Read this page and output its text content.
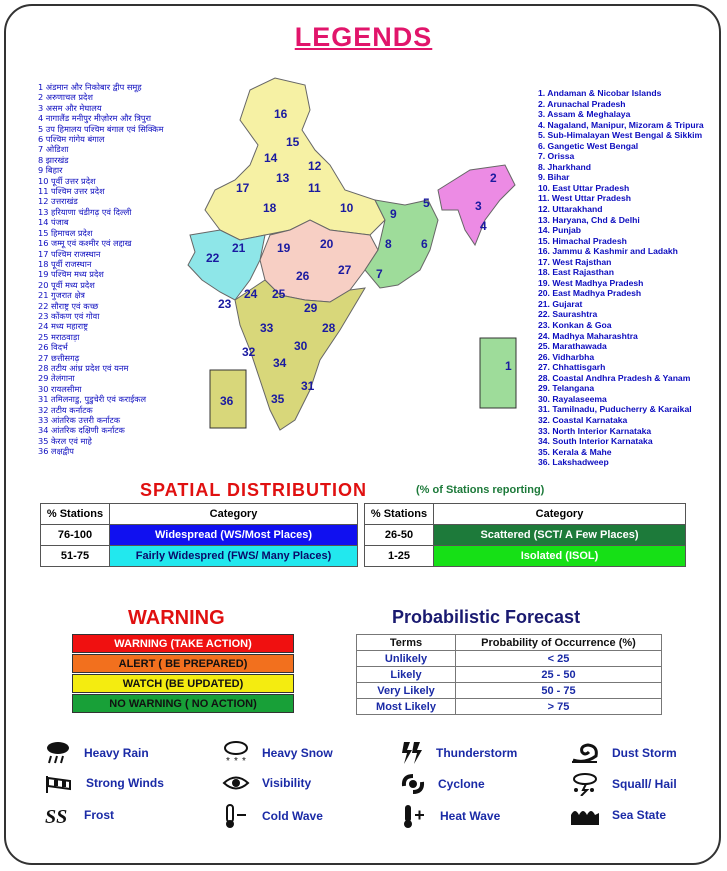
LEGENDS
1 अंडमान और निकोबार द्वीप समूह
2 अरुणाचल प्रदेश
3 असम और मेघालय
4 नागालैंड मनीपुर मीज़ोरम और त्रिपुरा
5 उप हिमालय पश्चिम बंगाल एवं सिक्किम
6 पश्चिम गांगेय बंगाल
7 ओडिशा
8 झारखंड
9 बिहार
10 पूर्वी उत्तर प्रदेश
11 पश्चिम उत्तर प्रदेश
12 उत्तराखंड
13 हरियाणा चंडीगढ़ एवं दिल्ली
14 पंजाब
15 हिमाचल प्रदेश
16 जम्मू एवं कश्मीर एवं लद्दाख
17 पश्चिम राजस्थान
18 पूर्वी राजस्थान
19 पश्चिम मध्य प्रदेश
20 पूर्वी मध्य प्रदेश
21 गुजरात क्षेत्र
22 सौराष्ट्र एवं कच्छ
23 कोंकण एवं गोवा
24 मध्य महाराष्ट्र
25 मराठवाड़ा
26 विदर्भ
27 छत्तीसगढ़
28 तटीय आंध्र प्रदेश एवं यनम
29 तेलंगाना
30 रायलसीमा
31 तमिलनाडु, पुडुचेरी एवं कराईकल
32 तटीय कर्नाटक
33 आंतरिक उत्तरी कर्नाटक
34 आंतरिक दक्षिणी कर्नाटक
35 केरल एवं माहे
36 लक्षद्वीप
1. Andaman & Nicobar Islands
2. Arunachal Pradesh
3. Assam & Meghalaya
4. Nagaland, Manipur, Mizoram & Tripura
5. Sub-Himalayan West Bengal & Sikkim
6. Gangetic West Bengal
7. Orissa
8. Jharkhand
9. Bihar
10. East Uttar Pradesh
11. West Uttar Pradesh
12. Uttarakhand
13. Haryana, Chd & Delhi
14. Punjab
15. Himachal Pradesh
16. Jammu & Kashmir and Ladakh
17. West Rajsthan
18. East Rajasthan
19. West Madhya Pradesh
20. East Madhya Pradesh
21. Gujarat
22. Saurashtra
23. Konkan & Goa
24. Madhya Maharashtra
25. Marathawada
26. Vidharbha
27. Chhattisgarh
28. Coastal Andhra Pradesh & Yanam
29. Telangana
30. Rayalaseema
31. Tamilnadu, Puducherry & Karaikal
32. Coastal Karnataka
33. North Interior Karnataka
34. South Interior Karnataka
35. Kerala & Mahe
36. Lakshadweep
1
2
3
4
5
6
7
8
9
10
11
12
13
14
15
16
17
18
19 20
21
22
23
24 25
26 27
28
29
30
31
32
33
34
35
36
SPATIAL DISTRIBUTION	(% of Stations reporting)
% Stations	Category
76-100	Widespread (WS/Most Places)
51-75	Fairly Widespred (FWS/ Many Places)
% Stations	Category
26-50	Scattered (SCT/ A Few Places)
1-25	Isolated (ISOL)
WARNING
WARNING (TAKE ACTION)
ALERT ( BE PREPARED)
WATCH (BE UPDATED)
NO WARNING ( NO ACTION)
Probabilistic Forecast
Terms	Probability of Occurrence (%)
Unlikely	< 25
Likely	25 - 50
Very Likely	50 - 75
Most Likely	> 75
Heavy Rain
* * *
Heavy Snow	Thunderstorm	Dust Storm
Strong Winds	Visibility	Cyclone	Squall/ Hail
SS Frost	Cold Wave	Heat Wave	Sea State
